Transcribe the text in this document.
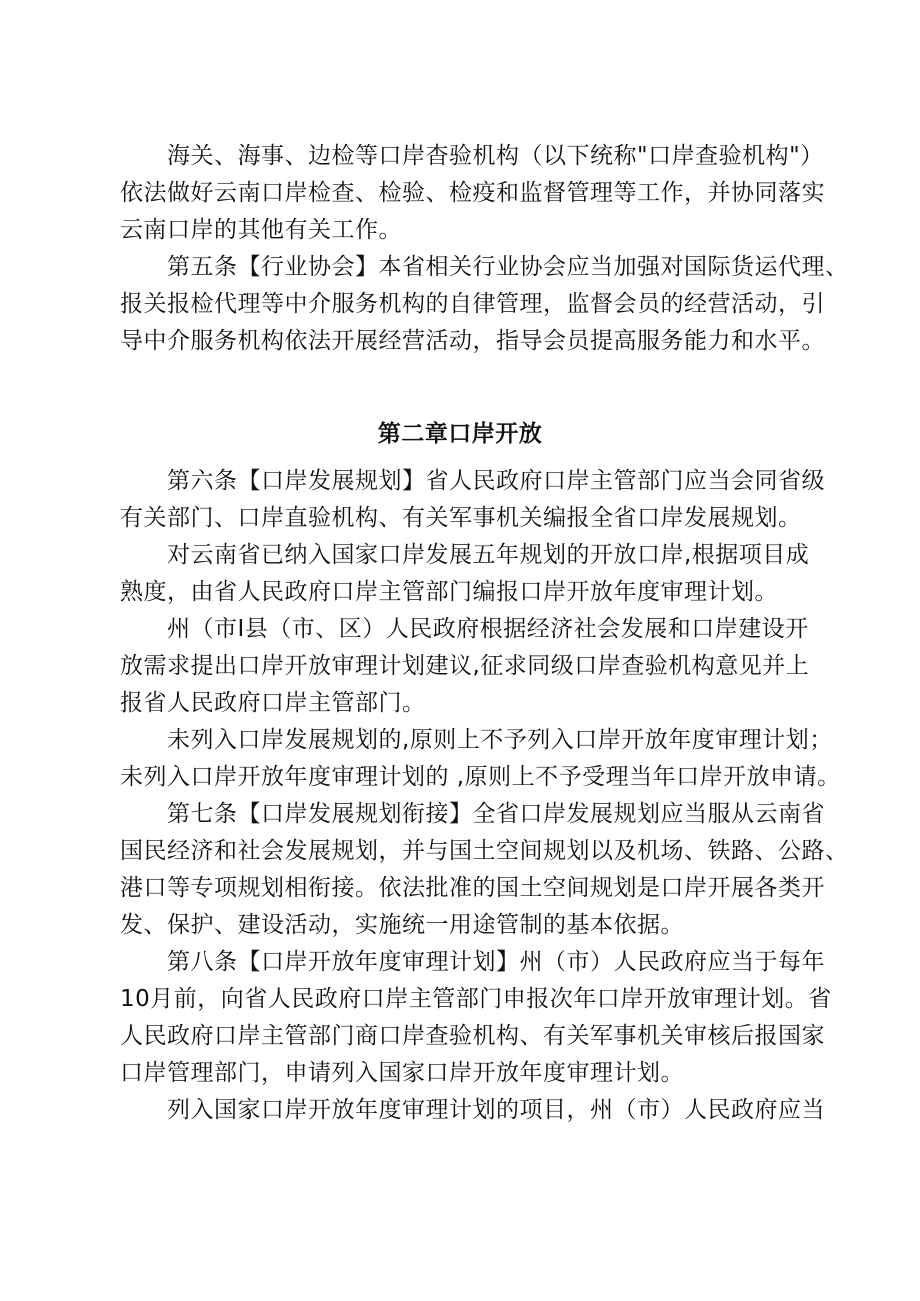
　　海关、海事、边检等口岸杳验机构（以下统称"口岸查验机构"）
依法做好云南口岸检查、检验、检疫和监督管理等工作，并协同落实
云南口岸的其他有关工作。

　　第五条【行业协会】本省相关行业协会应当加强对国际货运代理、
报关报检代理等中介服务机构的自律管理，监督会员的经营活动，引
导中介服务机构依法开展经营活动，指导会员提高服务能力和水平。

第二章口岸开放

　　第六条【口岸发展规划】省人民政府口岸主管部门应当会同省级
有关部门、口岸直验机构、有关军事机关编报全省口岸发展规划。

　　对云南省已纳入国家口岸发展五年规划的开放口岸,根据项目成
熟度，由省人民政府口岸主管部门编报口岸开放年度审理计划。

　　州（市I县（市、区）人民政府根据经济社会发展和口岸建设开
放需求提出口岸开放审理计划建议,征求同级口岸查验机构意见并上
报省人民政府口岸主管部门。

　　未列入口岸发展规划的,原则上不予列入口岸开放年度审理计划；
未列入口岸开放年度审理计划的 ,原则上不予受理当年口岸开放申请。

　　第七条【口岸发展规划衔接】全省口岸发展规划应当服从云南省
国民经济和社会发展规划，并与国土空间规划以及机场、铁路、公路、
港口等专项规划相衔接。依法批准的国土空间规划是口岸开展各类开
发、保护、建设活动，实施统一用途管制的基本依据。

　　第八条【口岸开放年度审理计划】州（市）人民政府应当于每年
10月前，向省人民政府口岸主管部门申报次年口岸开放审理计划。省
人民政府口岸主管部门商口岸查验机构、有关军事机关审核后报国家
口岸管理部门，申请列入国家口岸开放年度审理计划。

　　列入国家口岸开放年度审理计划的项目，州（市）人民政府应当
